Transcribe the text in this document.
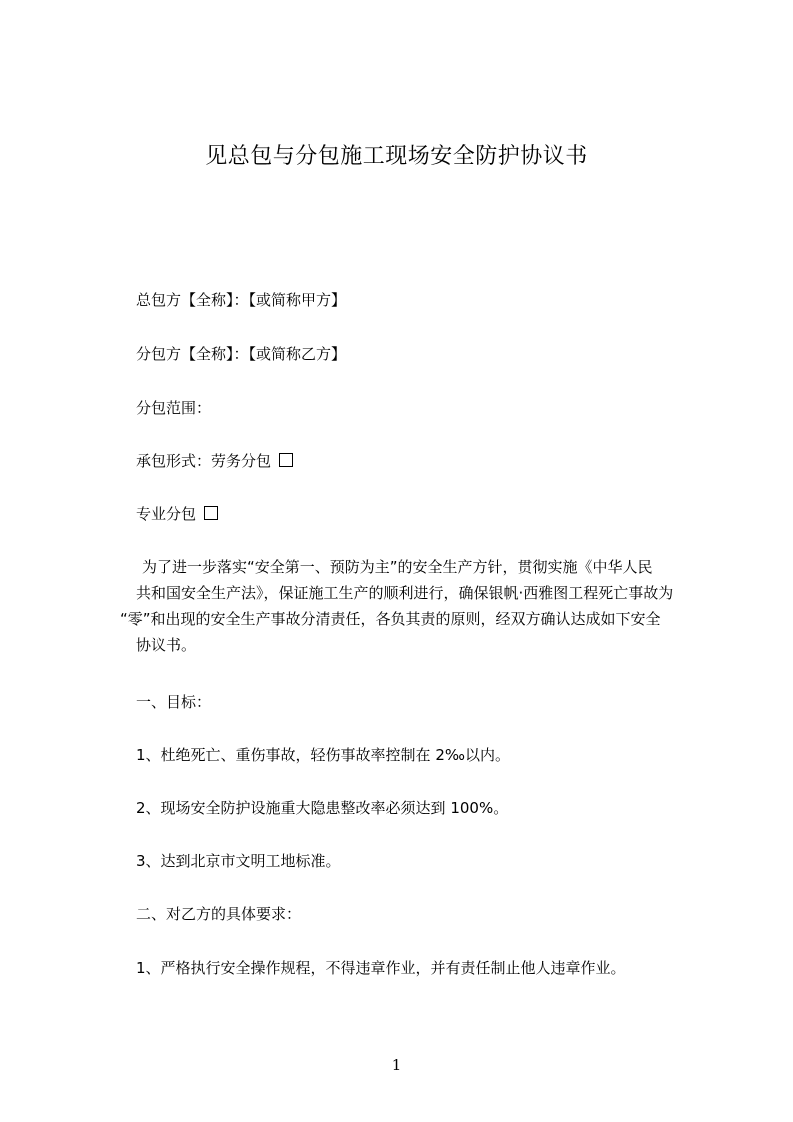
见总包与分包施工现场安全防护协议书
总包方【全称】：【或简称甲方】
分包方【全称】：【或简称乙方】
分包范围：
承包形式：劳务分包
专业分包
为了进一步落实“安全第一、预防为主”的安全生产方针，贯彻实施《中华人民
共和国安全生产法》，保证施工生产的顺利进行，确保银帆·西雅图工程死亡事故为
“零”和出现的安全生产事故分清责任，各负其责的原则，经双方确认达成如下安全
协议书。
一、目标：
1、杜绝死亡、重伤事故，轻伤事故率控制在 2‰以内。
2、现场安全防护设施重大隐患整改率必须达到 100%。
3、达到北京市文明工地标准。
二、对乙方的具体要求：
1、严格执行安全操作规程，不得违章作业，并有责任制止他人违章作业。
1
